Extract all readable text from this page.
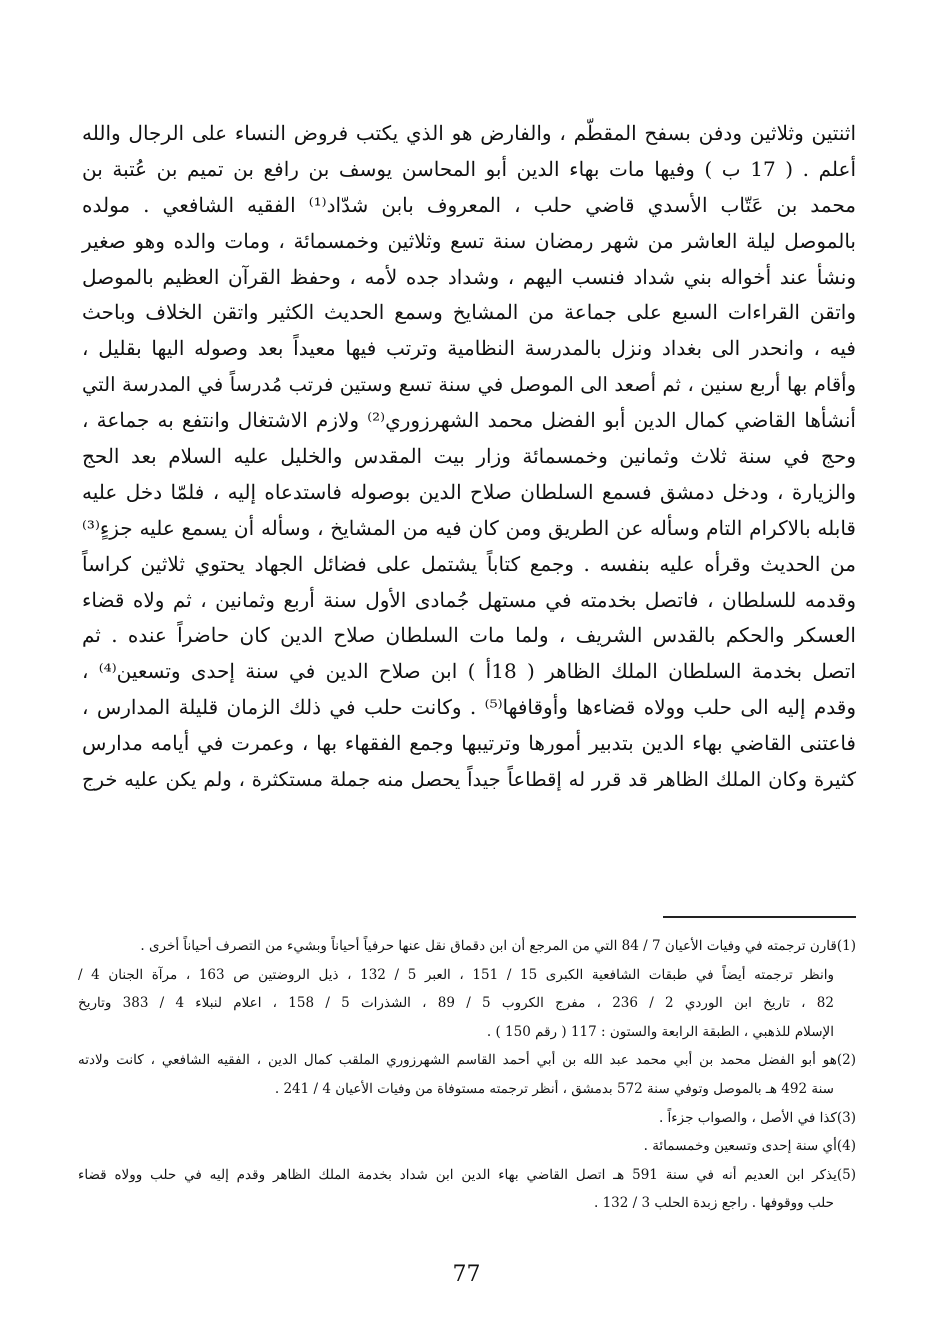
اثنتين وثلاثين ودفن بسفح المقطّم ، والفارض هو الذي يكتب فروض النساء على الرجال والله
أعلم . ( 17 ب ) وفيها مات بهاء الدين أبو المحاسن يوسف بن رافع بن تميم بن عُتبة بن
محمد بن عَتّاب الأسدي قاضي حلب ، المعروف بابن شدّاد⁽¹⁾ الفقيه الشافعي . مولده
بالموصل ليلة العاشر من شهر رمضان سنة تسع وثلاثين وخمسمائة ، ومات والده وهو صغير
ونشأ عند أخواله بني شداد فنسب اليهم ، وشداد جده لأمه ، وحفظ القرآن العظيم بالموصل
واتقن القراءات السبع على جماعة من المشايخ وسمع الحديث الكثير واتقن الخلاف وباحث
فيه ، وانحدر الى بغداد ونزل بالمدرسة النظامية وترتب فيها معيداً بعد وصوله اليها بقليل ،
وأقام بها أربع سنين ، ثم أصعد الى الموصل في سنة تسع وستين فرتب مُدرساً في المدرسة التي
أنشأها القاضي كمال الدين أبو الفضل محمد الشهرزوري⁽²⁾ ولازم الاشتغال وانتفع به جماعة ،
وحج في سنة ثلاث وثمانين وخمسمائة وزار بيت المقدس والخليل عليه السلام بعد الحج
والزيارة ، ودخل دمشق فسمع السلطان صلاح الدين بوصوله فاستدعاه إليه ، فلمّا دخل عليه
قابله بالاكرام التام وسأله عن الطريق ومن كان فيه من المشايخ ، وسأله أن يسمع عليه جزءٍ⁽³⁾
من الحديث وقرأه عليه بنفسه . وجمع كتاباً يشتمل على فضائل الجهاد يحتوي ثلاثين كراساً
وقدمه للسلطان ، فاتصل بخدمته في مستهل جُمادى الأول سنة أربع وثمانين ، ثم ولاه قضاء
العسكر والحكم بالقدس الشريف ، ولما مات السلطان صلاح الدين كان حاضراً عنده . ثم
اتصل بخدمة السلطان الملك الظاهر ( 18أ ) ابن صلاح الدين في سنة إحدى وتسعين⁽⁴⁾ ،
وقدم إليه الى حلب وولاه قضاءها وأوقافها⁽⁵⁾ . وكانت حلب في ذلك الزمان قليلة المدارس ،
فاعتنى القاضي بهاء الدين بتدبير أمورها وترتيبها وجمع الفقهاء بها ، وعمرت في أيامه مدارس
كثيرة وكان الملك الظاهر قد قرر له إقطاعاً جيداً يحصل منه جملة مستكثرة ، ولم يكن عليه خرج
(1)قارن ترجمته في وفيات الأعيان 7 / 84 التي من المرجع أن ابن دقماق نقل عنها حرفياً أحياناً وبشيء من التصرف أحياناً أخرى .
وانظر ترجمته أيضاً في طبقات الشافعية الكبرى 15 / 151 ، العبر 5 / 132 ، ذيل الروضتين ص 163 ، مرآة الجنان 4 /
82 ، تاريخ ابن الوردي 2 / 236 ، مفرج الكروب 5 / 89 ، الشذرات 5 / 158 ، اعلام لنبلاء 4 / 383 وتاريخ
الإسلام للذهبي ، الطبقة الرابعة والستون : 117 ( رقم 150 ) .
(2)هو أبو الفضل محمد بن أبي محمد عبد الله بن أبي أحمد القاسم الشهرزوري الملقب كمال الدين ، الفقيه الشافعي ، كانت ولادته
سنة 492 هـ بالموصل وتوفي سنة 572 بدمشق ، أنظر ترجمته مستوفاة من وفيات الأعيان 4 / 241 .
(3)كذا في الأصل ، والصواب جزءاً .
(4)أي سنة إحدى وتسعين وخمسمائة .
(5)يذكر ابن العديم أنه في سنة 591 هـ اتصل القاضي بهاء الدين ابن شداد بخدمة الملك الظاهر وقدم إليه في حلب وولاه قضاء
حلب ووقوفها . راجع زبدة الحلب 3 / 132 .
77
